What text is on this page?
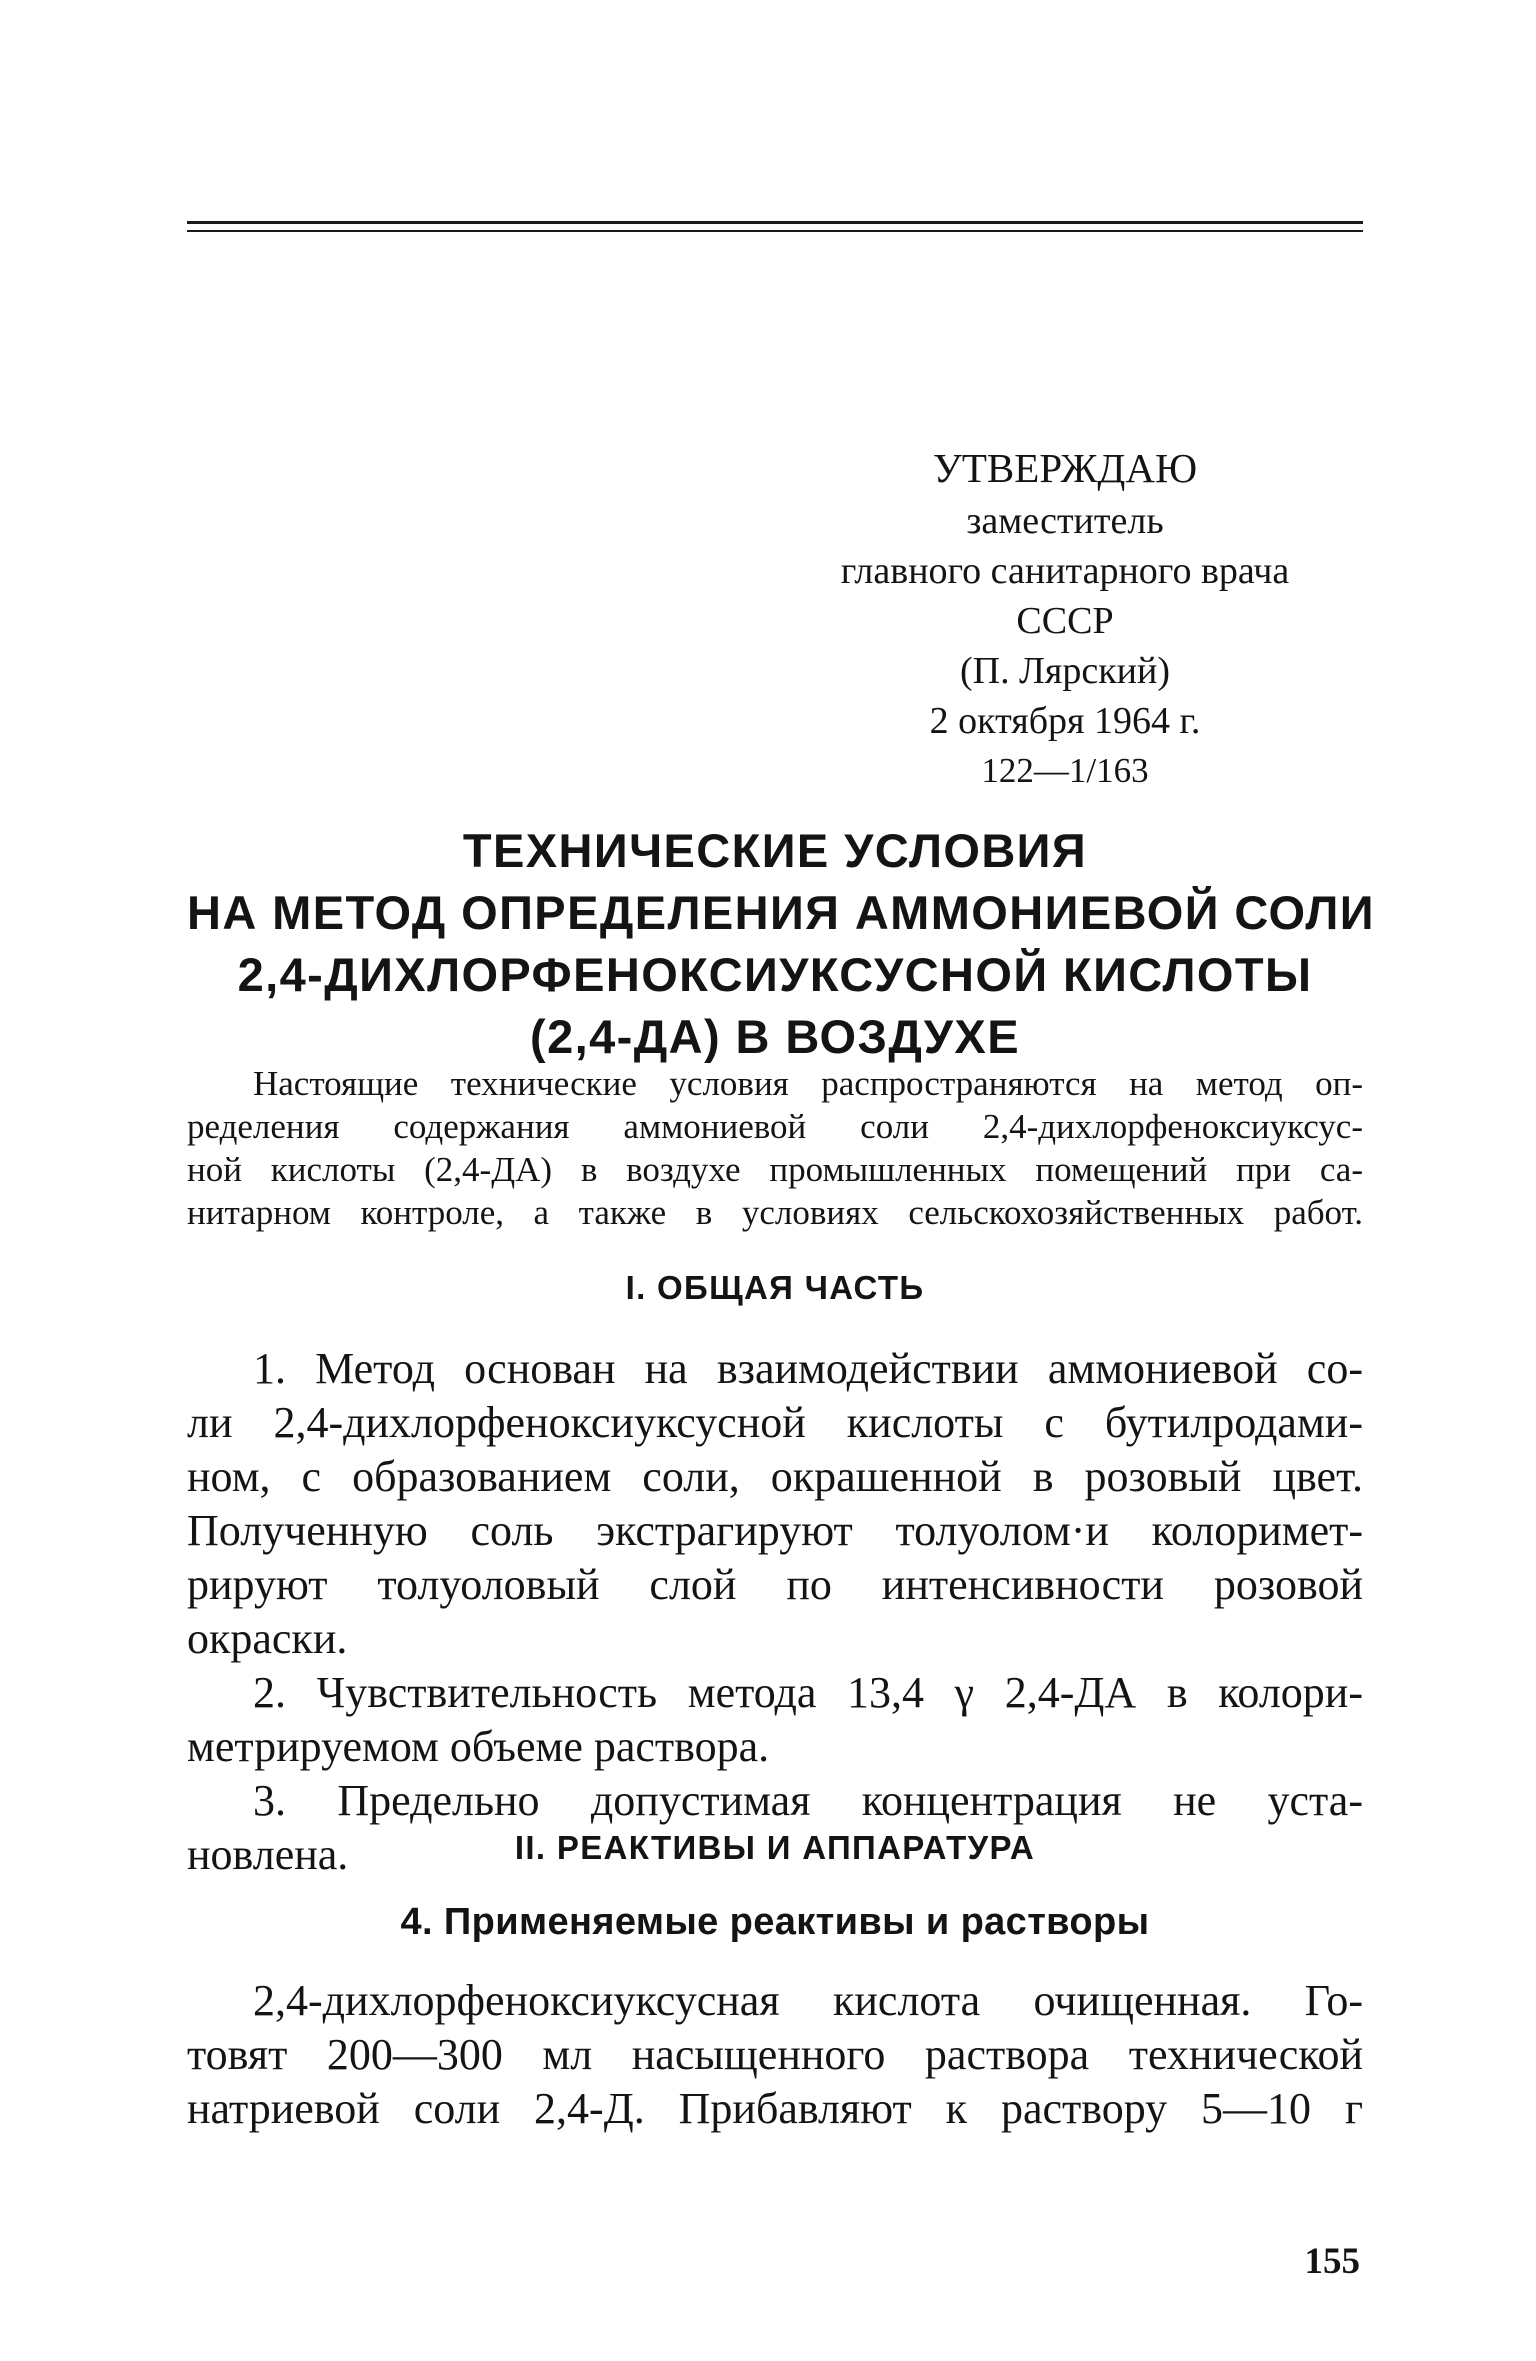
УТВЕРЖДАЮ
заместитель
главного санитарного врача
СССР
(П. Лярский)
2 октября 1964 г.
122—1/163
ТЕХНИЧЕСКИЕ УСЛОВИЯ
НА МЕТОД ОПРЕДЕЛЕНИЯ АММОНИЕВОЙ СОЛИ
2,4-ДИХЛОРФЕНОКСИУКСУСНОЙ КИСЛОТЫ
(2,4-ДА) В ВОЗДУХЕ

Настоящие технические условия распространяются на метод оп-
ределения содержания аммониевой соли 2,4-дихлорфеноксиуксус-
ной кислоты (2,4-ДА) в воздухе промышленных помещений при са-
нитарном контроле, а также в условиях сельскохозяйственных работ.

I. ОБЩАЯ ЧАСТЬ
1. Метод основан на взаимодействии аммониевой со-
ли 2,4-дихлорфеноксиуксусной кислоты с бутилродами-
ном, с образованием соли, окрашенной в розовый цвет.
Полученную соль экстрагируют толуолом·и колоримет-
рируют толуоловый слой по интенсивности розовой
окраски.
2. Чувствительность метода 13,4 γ 2,4-ДА в колори-
метрируемом объеме раствора.
3. Предельно допустимая концентрация не уста-
новлена.	II. РЕАКТИВЫ И АППАРАТУРА
4. Применяемые реактивы и растворы
2,4-дихлорфеноксиуксусная кислота очищенная. Го-
товят 200—300 мл насыщенного раствора технической
натриевой соли 2,4-Д. Прибавляют к раствору 5—10 г
155
